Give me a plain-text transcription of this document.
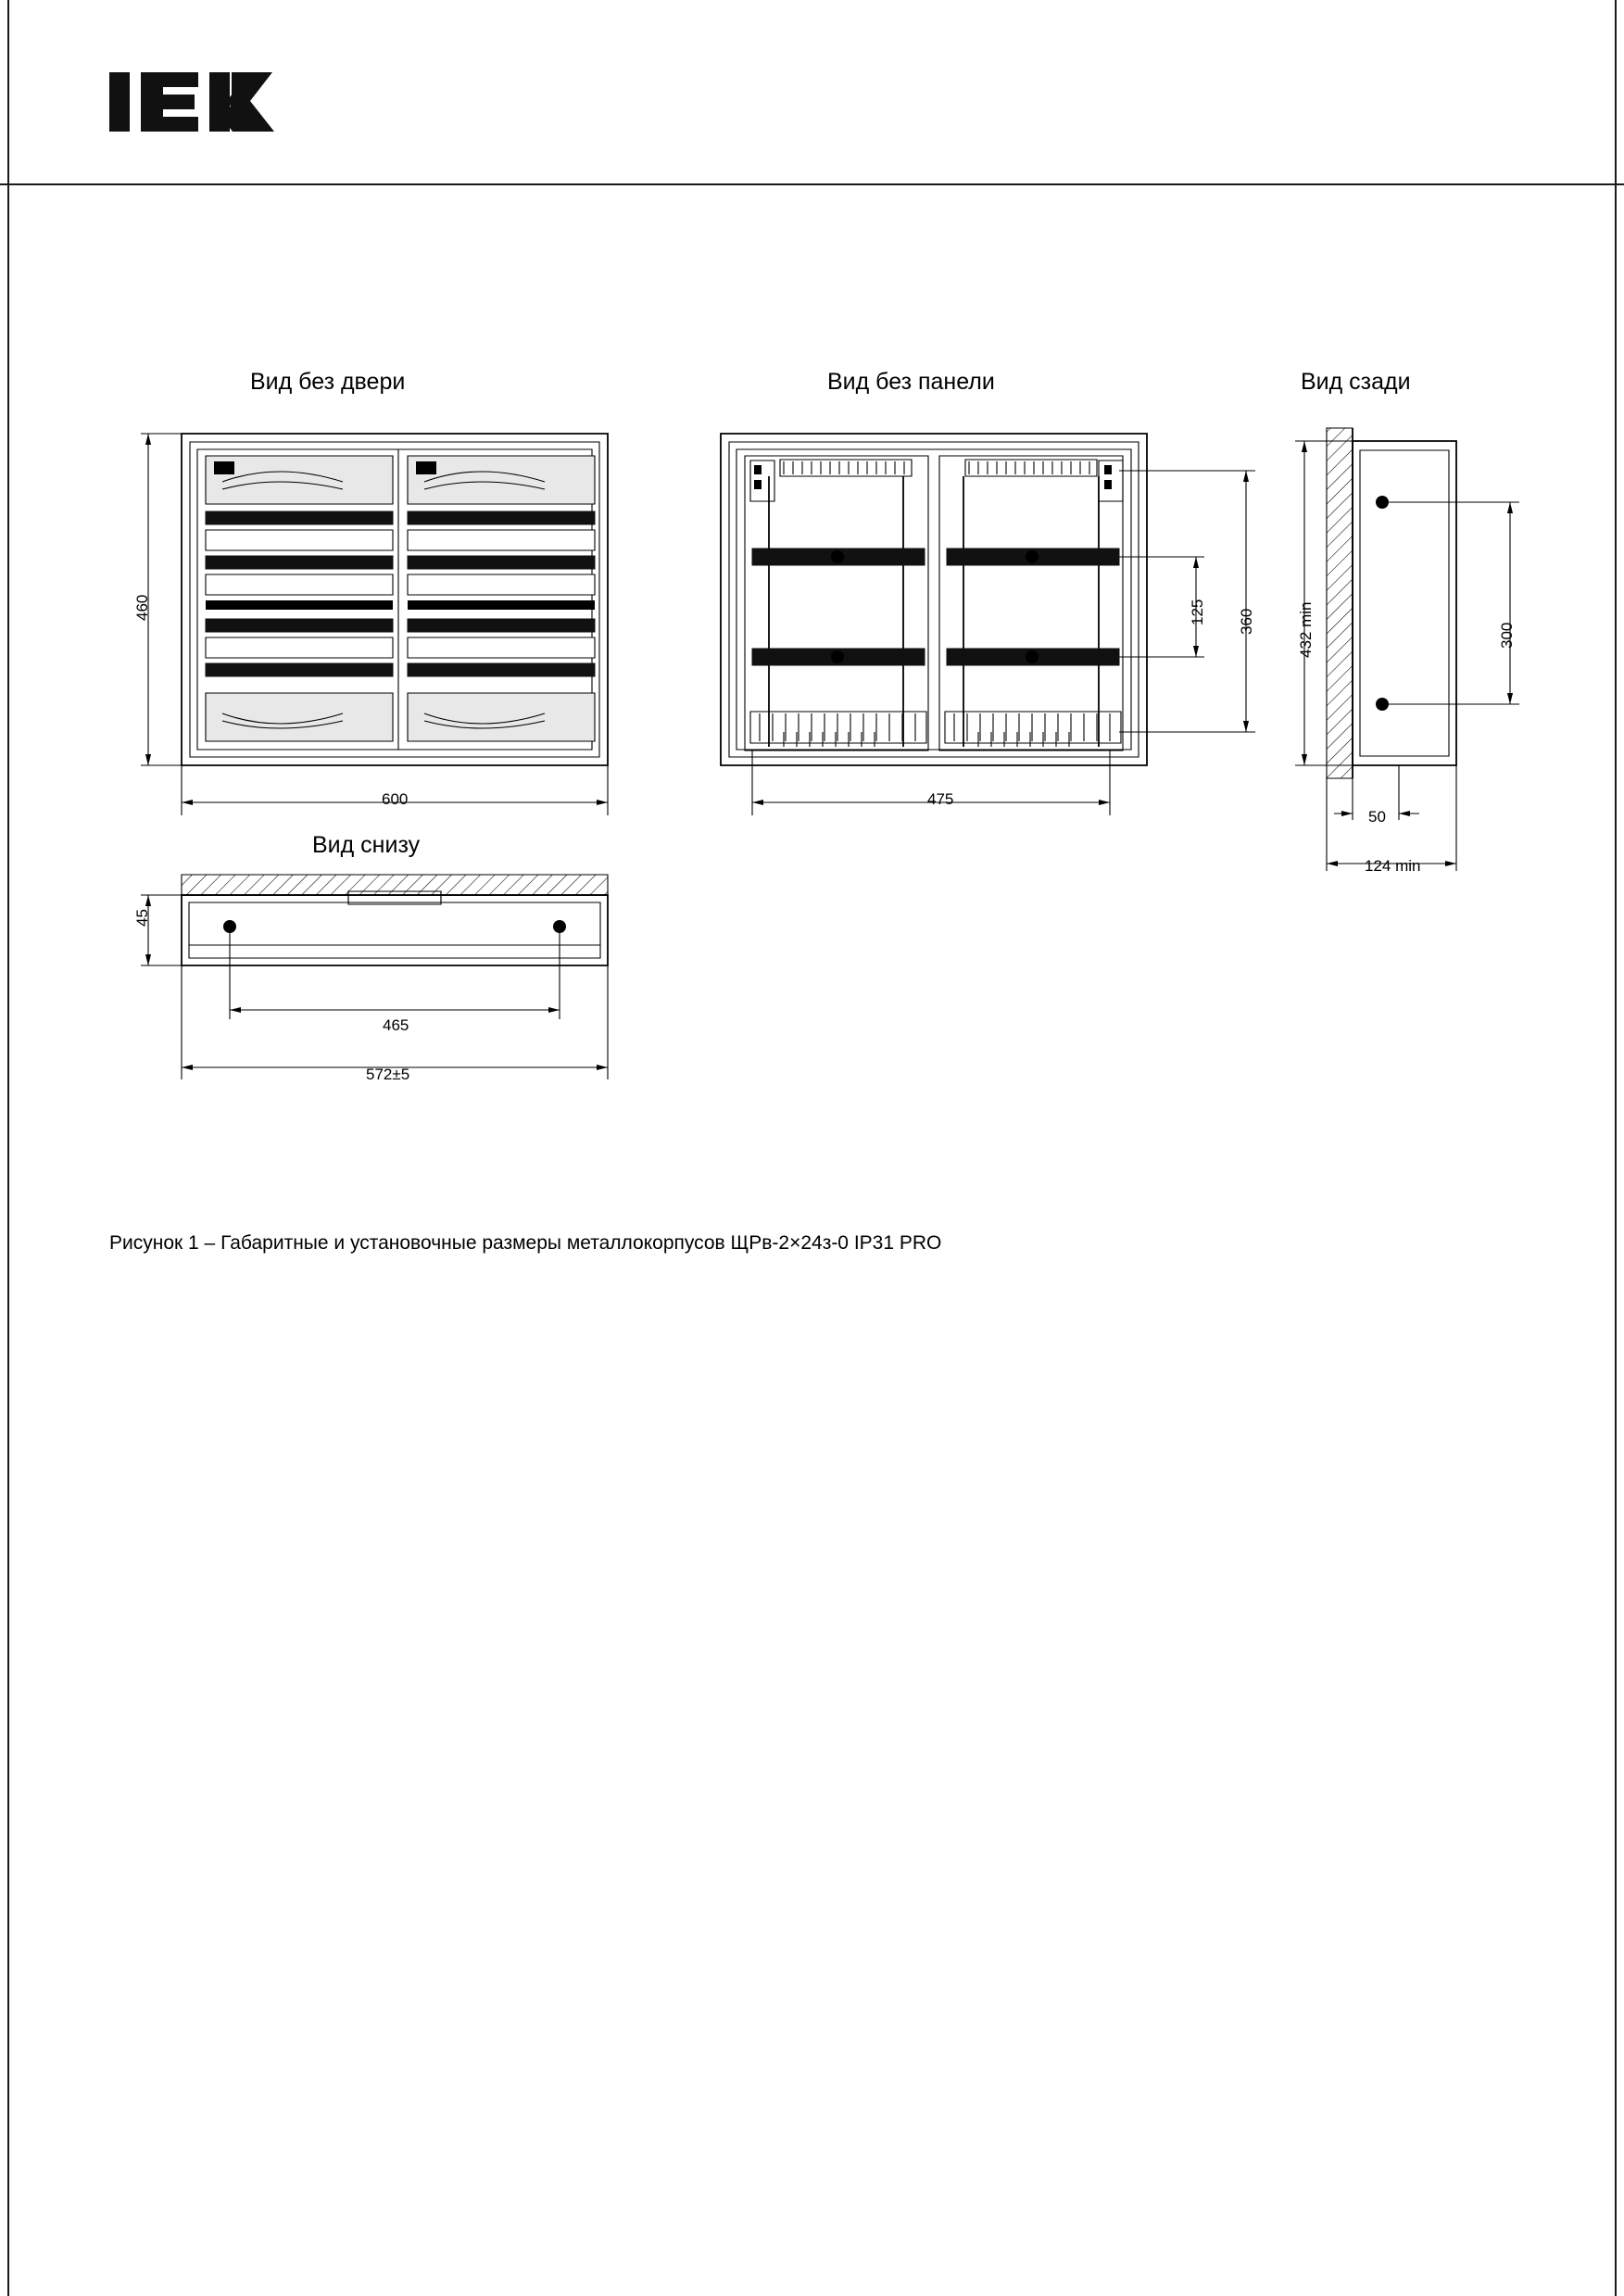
Вид без двери	Вид без панели	Вид сзади
Вид снизу
460
600	475
125 360	432 min	300
50
124 min
45
465
572±5
Рисунок 1 – Габаритные и установочные размеры металлокорпусов ЩРв-2×24з-0 IP31 PRO
